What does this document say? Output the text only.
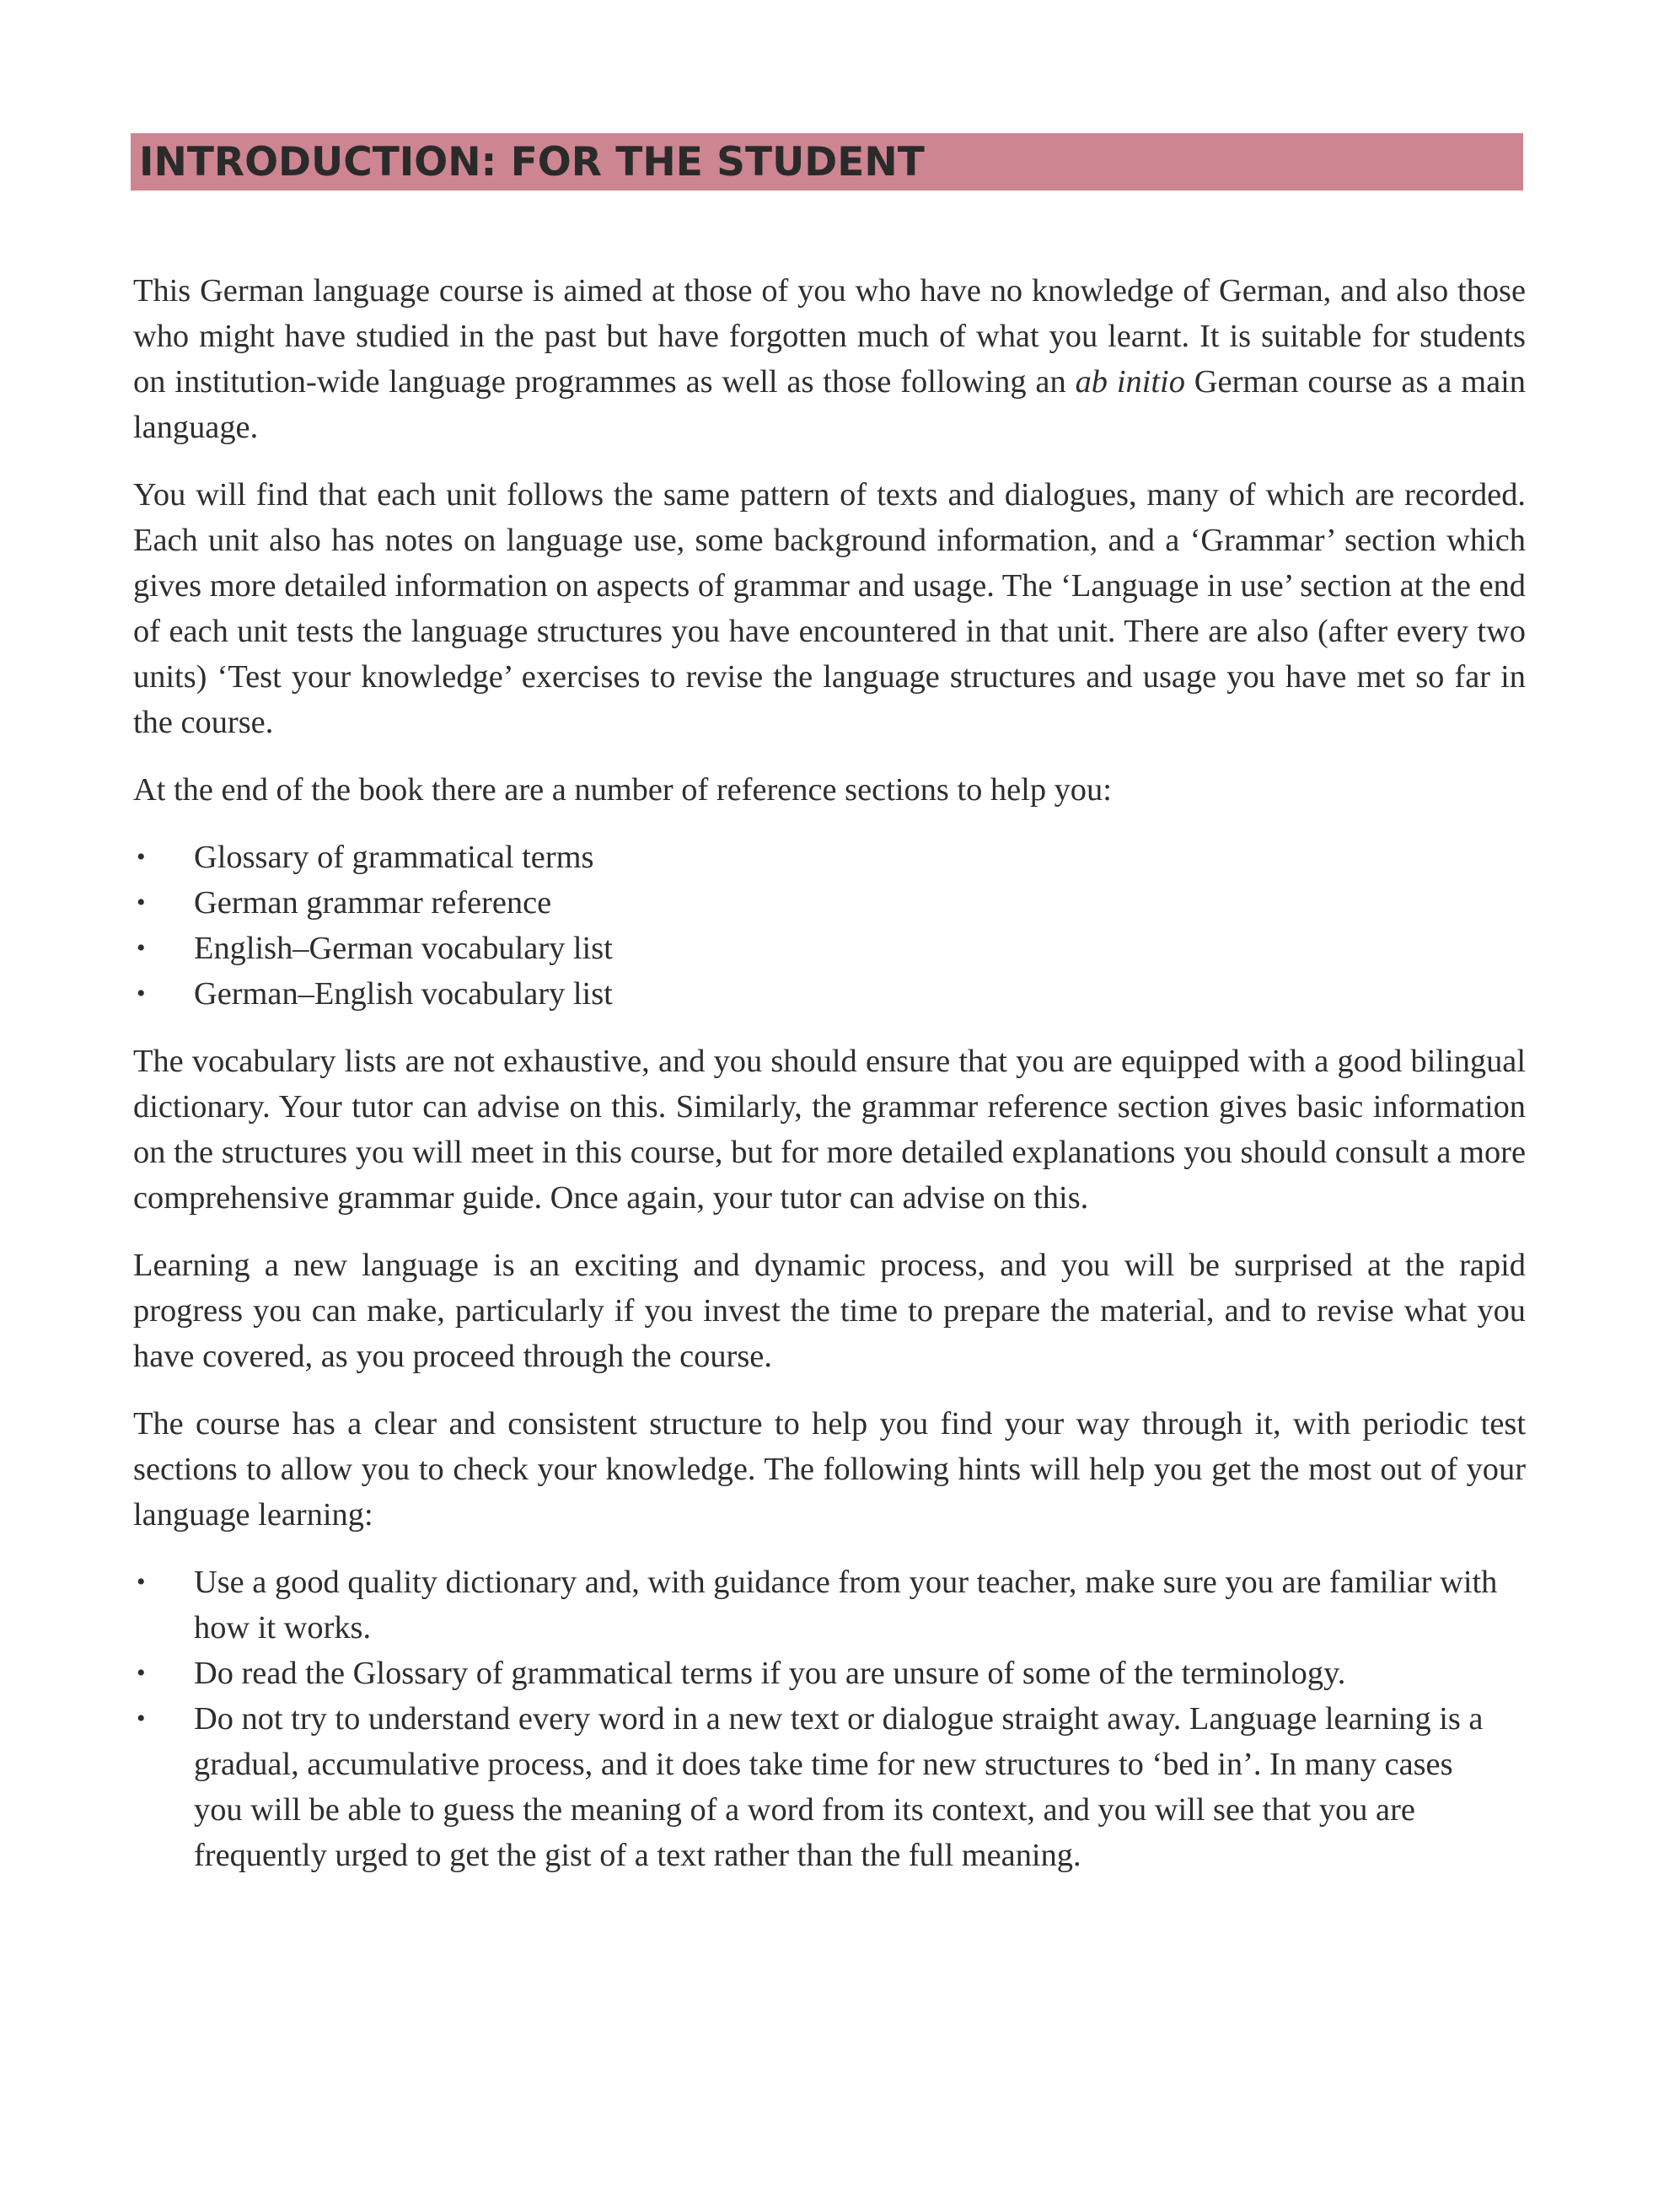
INTRODUCTION: FOR THE STUDENT

This German language course is aimed at those of you who have no knowledge of German, and also those who might have studied in the past but have forgotten much of what you learnt. It is suitable for students on institution-wide language programmes as well as those following an ab initio German course as a main language.

You will find that each unit follows the same pattern of texts and dialogues, many of which are recorded. Each unit also has notes on language use, some background information, and a ‘Grammar’ section which gives more detailed information on aspects of grammar and usage. The ‘Language in use’ section at the end of each unit tests the language structures you have encountered in that unit. There are also (after every two units) ‘Test your knowledge’ exercises to revise the language structures and usage you have met so far in the course.

At the end of the book there are a number of reference sections to help you:

• Glossary of grammatical terms
• German grammar reference
• English–German vocabulary list
• German–English vocabulary list

The vocabulary lists are not exhaustive, and you should ensure that you are equipped with a good bilingual dictionary. Your tutor can advise on this. Similarly, the grammar reference section gives basic information on the structures you will meet in this course, but for more detailed explanations you should consult a more comprehensive grammar guide. Once again, your tutor can advise on this.

Learning a new language is an exciting and dynamic process, and you will be surprised at the rapid progress you can make, particularly if you invest the time to prepare the material, and to revise what you have covered, as you proceed through the course.

The course has a clear and consistent structure to help you find your way through it, with periodic test sections to allow you to check your knowledge. The following hints will help you get the most out of your language learning:

• Use a good quality dictionary and, with guidance from your teacher, make sure you are familiar with how it works.
• Do read the Glossary of grammatical terms if you are unsure of some of the terminology.
• Do not try to understand every word in a new text or dialogue straight away. Language learning is a gradual, accumulative process, and it does take time for new structures to ‘bed in’. In many cases you will be able to guess the meaning of a word from its context, and you will see that you are frequently urged to get the gist of a text rather than the full meaning.
